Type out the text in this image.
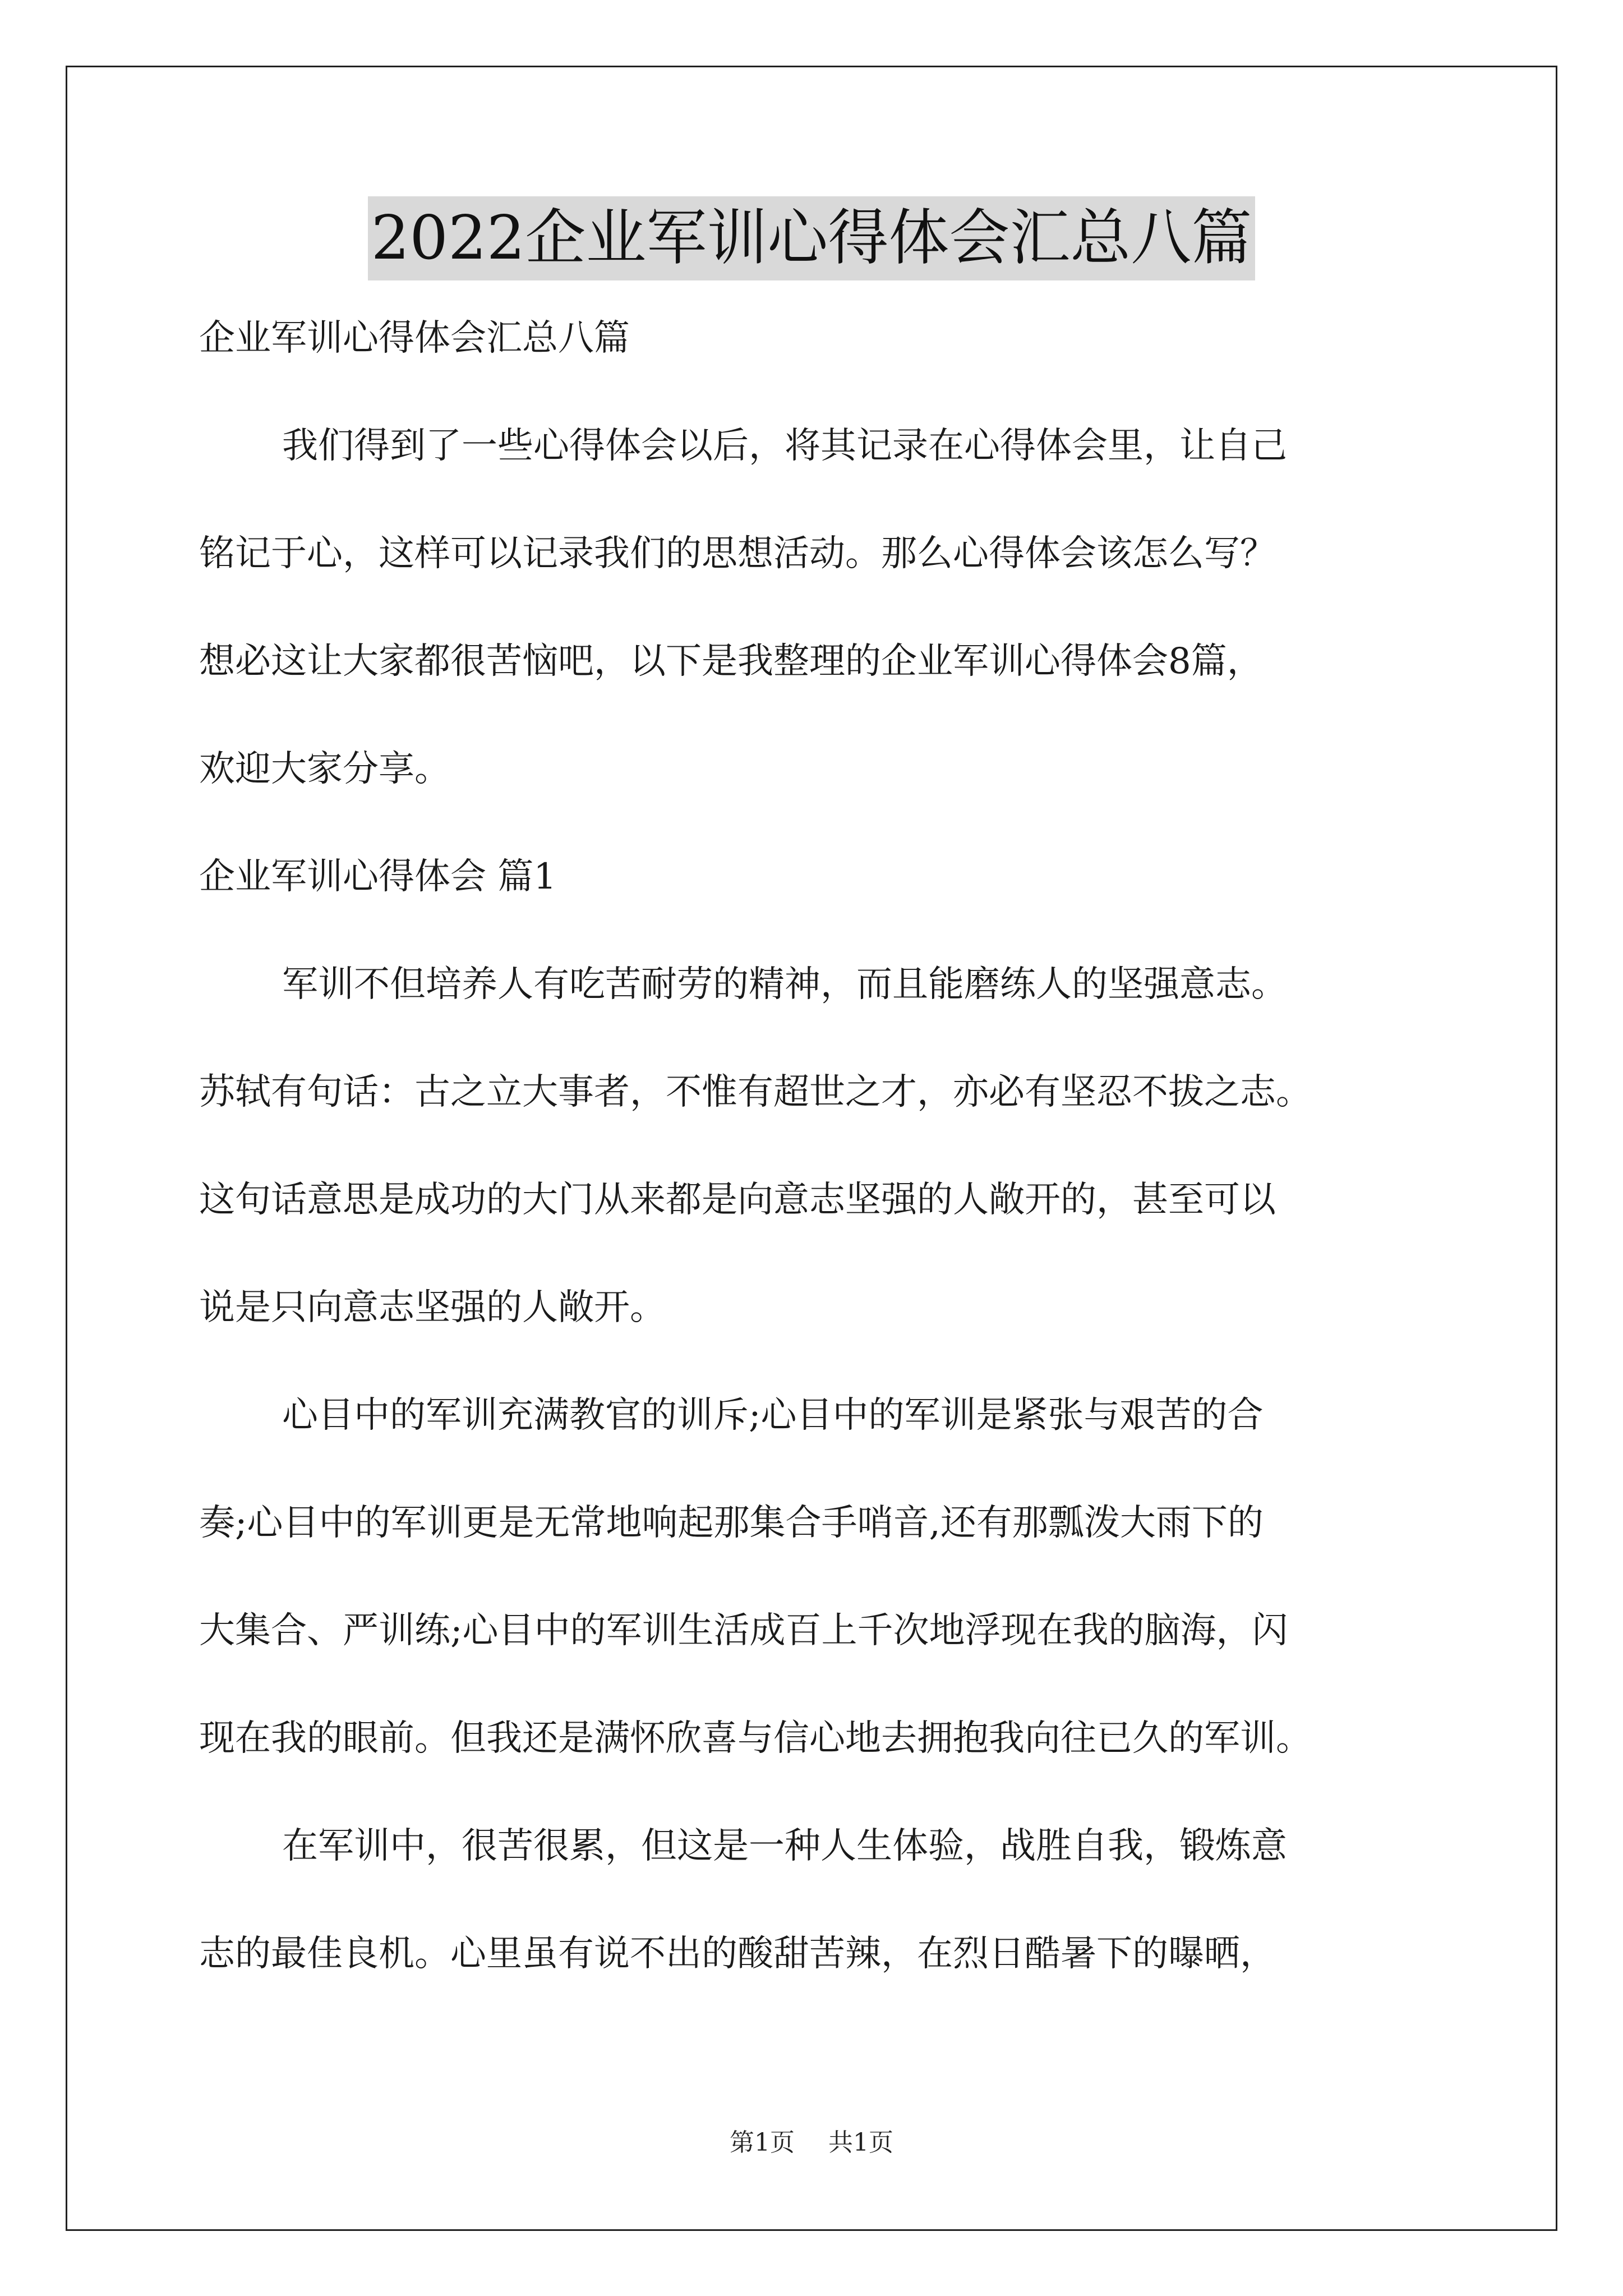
2022企业军训心得体会汇总八篇
企业军训心得体会汇总八篇
我们得到了一些心得体会以后，将其记录在心得体会里，让自己
铭记于心，这样可以记录我们的思想活动。那么心得体会该怎么写？
想必这让大家都很苦恼吧，以下是我整理的企业军训心得体会8篇，
欢迎大家分享。
企业军训心得体会 篇1
军训不但培养人有吃苦耐劳的精神，而且能磨练人的坚强意志。
苏轼有句话：古之立大事者，不惟有超世之才，亦必有坚忍不拔之志。
这句话意思是成功的大门从来都是向意志坚强的人敞开的，甚至可以
说是只向意志坚强的人敞开。
心目中的军训充满教官的训斥;心目中的军训是紧张与艰苦的合
奏;心目中的军训更是无常地响起那集合手哨音,还有那瓢泼大雨下的
大集合、严训练;心目中的军训生活成百上千次地浮现在我的脑海，闪
现在我的眼前。但我还是满怀欣喜与信心地去拥抱我向往已久的军训。
在军训中，很苦很累，但这是一种人生体验，战胜自我，锻炼意
志的最佳良机。心里虽有说不出的酸甜苦辣，在烈日酷暑下的曝晒，
第1页 共1页
